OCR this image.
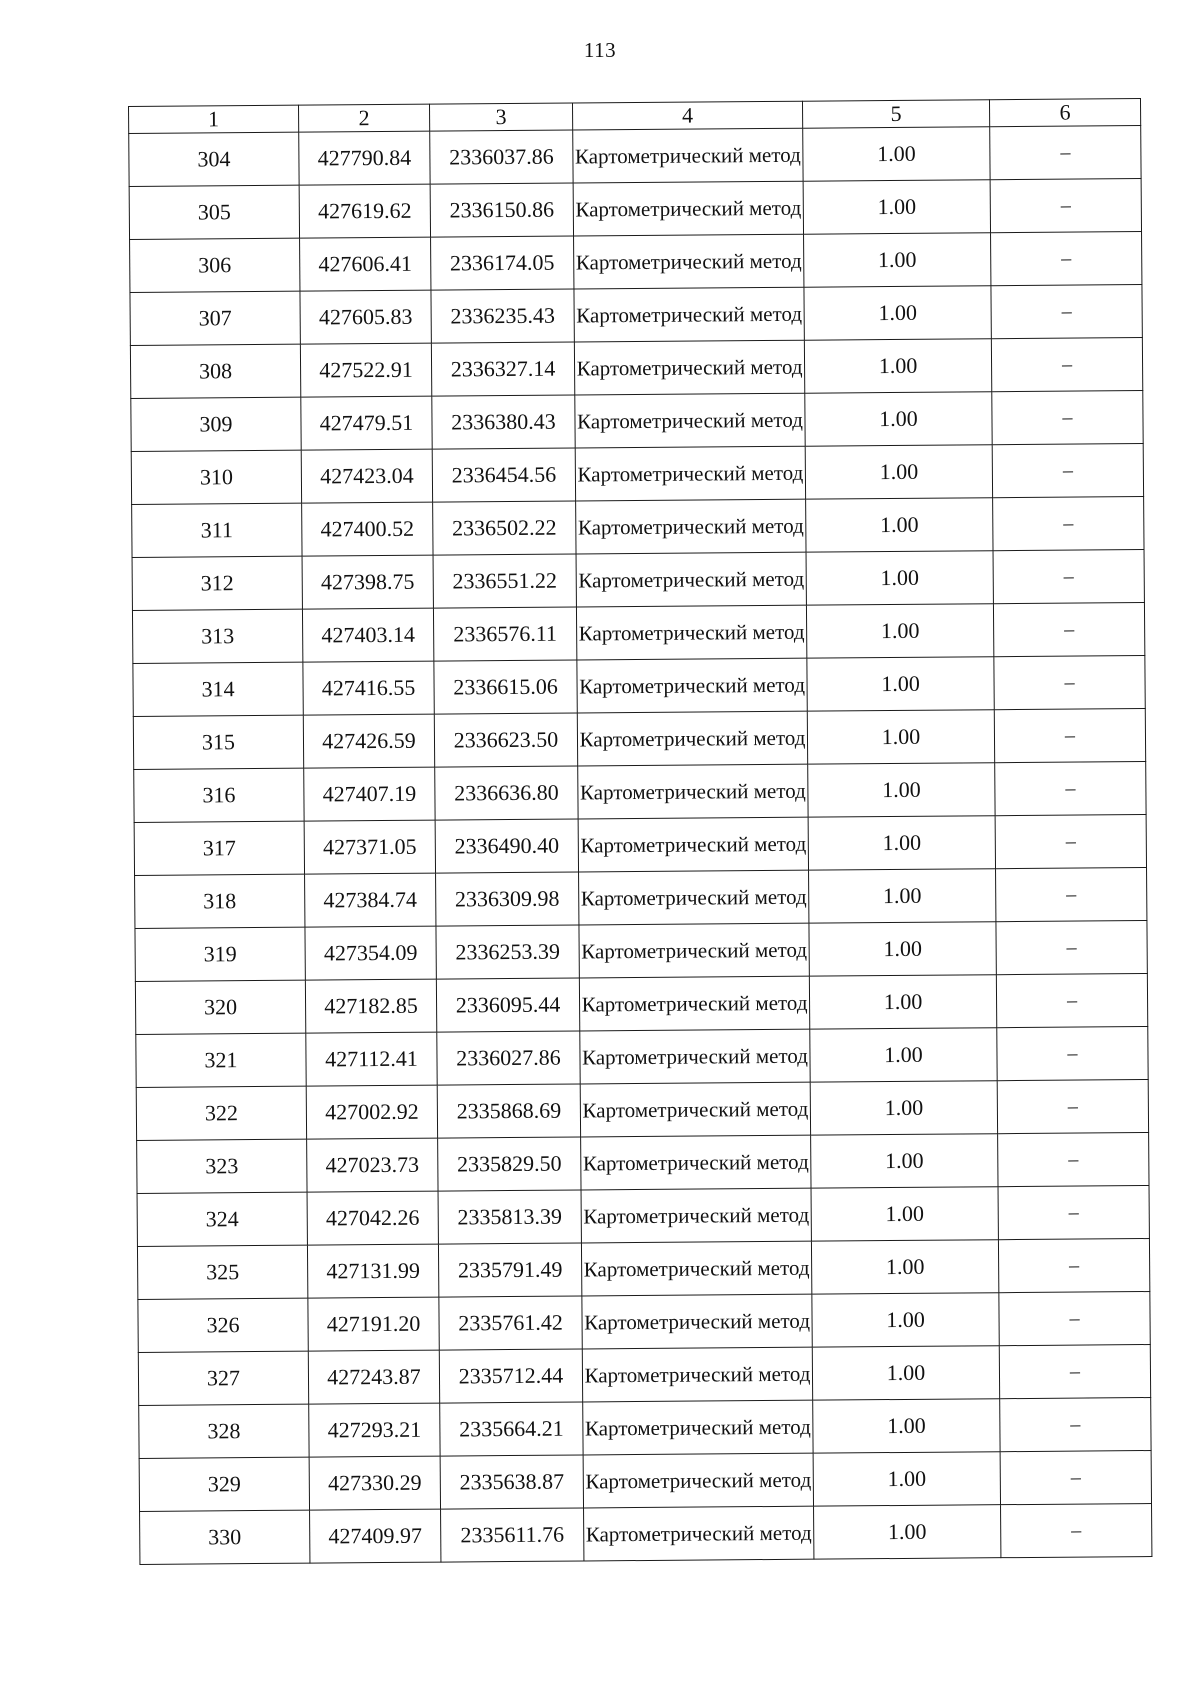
113
1	2	3	4	5	6
304	427790.84	2336037.86	Картометрический метод	1.00	–
305	427619.62	2336150.86	Картометрический метод	1.00	–
306	427606.41	2336174.05	Картометрический метод	1.00	–
307	427605.83	2336235.43	Картометрический метод	1.00	–
308	427522.91	2336327.14	Картометрический метод	1.00	–
309	427479.51	2336380.43	Картометрический метод	1.00	–
310	427423.04	2336454.56	Картометрический метод	1.00	–
311	427400.52	2336502.22	Картометрический метод	1.00	–
312	427398.75	2336551.22	Картометрический метод	1.00	–
313	427403.14	2336576.11	Картометрический метод	1.00	–
314	427416.55	2336615.06	Картометрический метод	1.00	–
315	427426.59	2336623.50	Картометрический метод	1.00	–
316	427407.19	2336636.80	Картометрический метод	1.00	–
317	427371.05	2336490.40	Картометрический метод	1.00	–
318	427384.74	2336309.98	Картометрический метод	1.00	–
319	427354.09	2336253.39	Картометрический метод	1.00	–
320	427182.85	2336095.44	Картометрический метод	1.00	–
321	427112.41	2336027.86	Картометрический метод	1.00	–
322	427002.92	2335868.69	Картометрический метод	1.00	–
323	427023.73	2335829.50	Картометрический метод	1.00	–
324	427042.26	2335813.39	Картометрический метод	1.00	–
325	427131.99	2335791.49	Картометрический метод	1.00	–
326	427191.20	2335761.42	Картометрический метод	1.00	–
327	427243.87	2335712.44	Картометрический метод	1.00	–
328	427293.21	2335664.21	Картометрический метод	1.00	–
329	427330.29	2335638.87	Картометрический метод	1.00	–
330	427409.97	2335611.76	Картометрический метод	1.00	–
